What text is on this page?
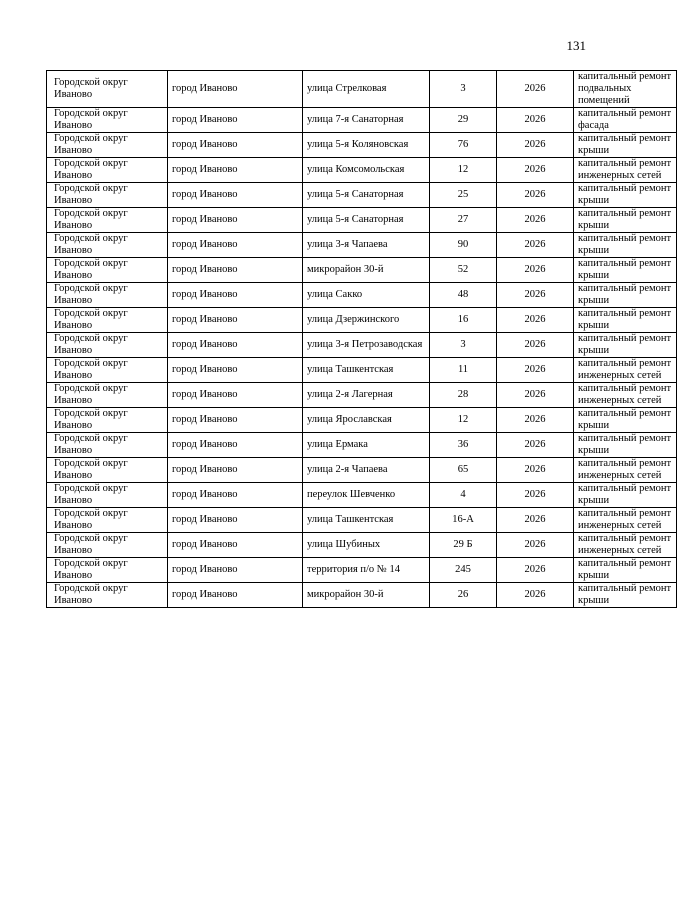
131
Городской округ Иваново	город Иваново	улица Стрелковая	3	2026	капитальный ремонт подвальных помещений

Городской округ Иваново	город Иваново	улица 7-я Санаторная	29	2026	капитальный ремонт фасада

Городской округ Иваново	город Иваново	улица 5-я Коляновская	76	2026	капитальный ремонт крыши

Городской округ Иваново	город Иваново	улица Комсомольская	12	2026	капитальный ремонт инженерных сетей

Городской округ Иваново	город Иваново	улица 5-я Санаторная	25	2026	капитальный ремонт крыши

Городской округ Иваново	город Иваново	улица 5-я Санаторная	27	2026	капитальный ремонт крыши

Городской округ Иваново	город Иваново	улица 3-я Чапаева	90	2026	капитальный ремонт крыши

Городской округ Иваново	город Иваново	микрорайон 30-й	52	2026	капитальный ремонт крыши

Городской округ Иваново	город Иваново	улица Сакко	48	2026	капитальный ремонт крыши

Городской округ Иваново	город Иваново	улица Дзержинского	16	2026	капитальный ремонт крыши

Городской округ Иваново	город Иваново	улица 3-я Петрозаводская	3	2026	капитальный ремонт крыши

Городской округ Иваново	город Иваново	улица Ташкентская	11	2026	капитальный ремонт инженерных сетей

Городской округ Иваново	город Иваново	улица 2-я Лагерная	28	2026	капитальный ремонт инженерных сетей

Городской округ Иваново	город Иваново	улица Ярославская	12	2026	капитальный ремонт крыши

Городской округ Иваново	город Иваново	улица Ермака	36	2026	капитальный ремонт крыши

Городской округ Иваново	город Иваново	улица 2-я Чапаева	65	2026	капитальный ремонт инженерных сетей

Городской округ Иваново	город Иваново	переулок Шевченко	4	2026	капитальный ремонт крыши

Городской округ Иваново	город Иваново	улица Ташкентская	16-А	2026	капитальный ремонт инженерных сетей

Городской округ Иваново	город Иваново	улица Шубиных	29 Б	2026	капитальный ремонт инженерных сетей

Городской округ Иваново	город Иваново	территория п/о № 14	245	2026	капитальный ремонт крыши

Городской округ Иваново	город Иваново	микрорайон 30-й	26	2026	капитальный ремонт крыши
